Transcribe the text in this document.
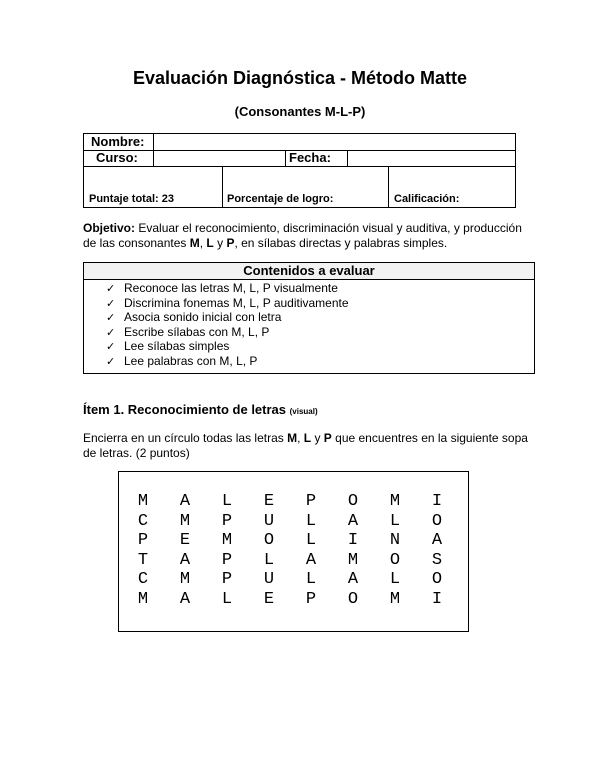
Evaluación Diagnóstica - Método Matte
(Consonantes M-L-P)
Nombre:
Curso:	Fecha:
Puntaje total: 23	Porcentaje de logro:	Calificación:
Objetivo: Evaluar el reconocimiento, discriminación visual y auditiva, y producción de las consonantes M, L y P, en sílabas directas y palabras simples.
Contenidos a evaluar
✓ Reconoce las letras M, L, P visualmente
✓ Discrimina fonemas M, L, P auditivamente
✓ Asocia sonido inicial con letra
✓ Escribe sílabas con M, L, P
✓ Lee sílabas simples
✓ Lee palabras con M, L, P
Ítem 1. Reconocimiento de letras (visual)
Encierra en un círculo todas las letras M, L y P que encuentres en la siguiente sopa de letras. (2 puntos)
M A L E P O M I
C M P U L A L O
P E M O L I N A
T A P L A M O S
C M P U L A L O
M A L E P O M I
